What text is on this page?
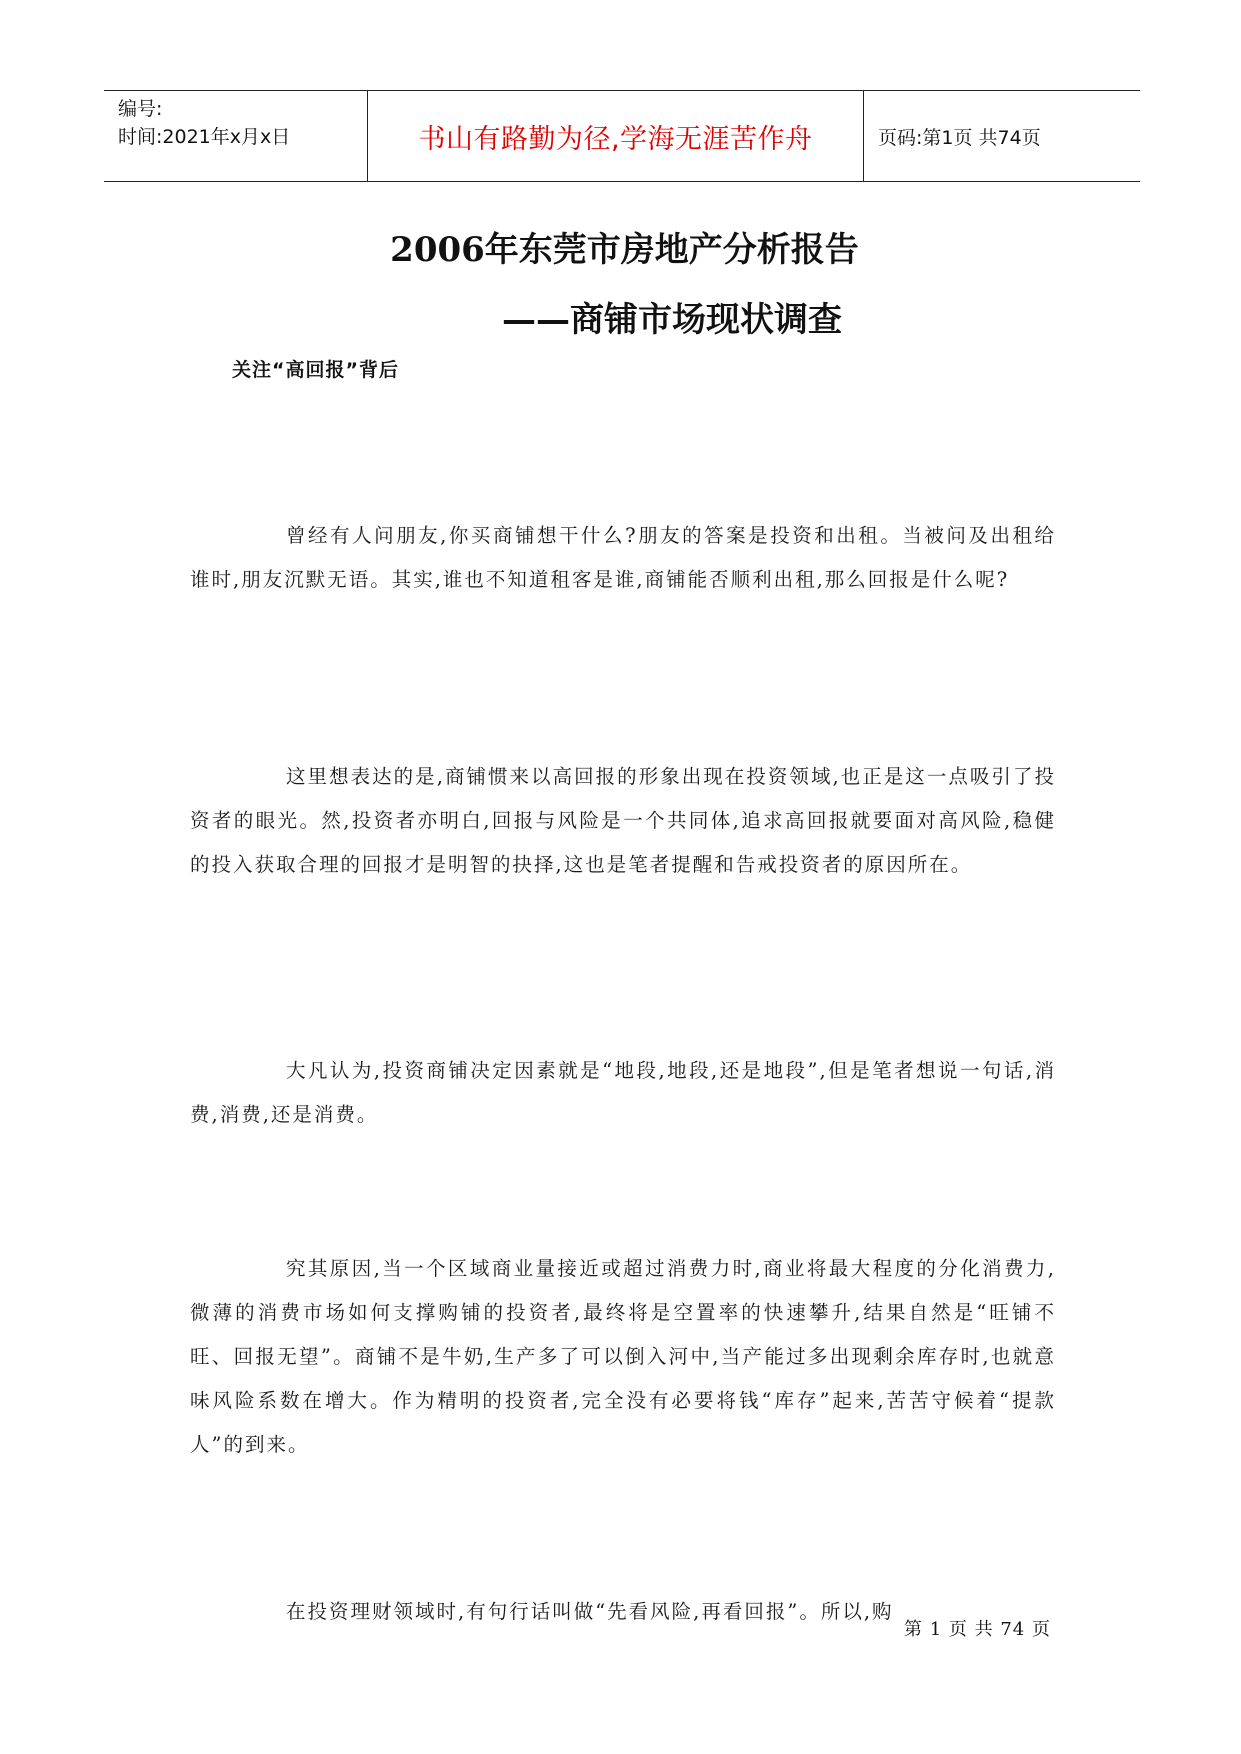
编号:
时间:2021年x月x日	书山有路勤为径,学海无涯苦作舟	页码:第1页 共74页
2006年东莞市房地产分析报告
——商铺市场现状调查
关注“高回报”背后

曾经有人问朋友,你买商铺想干什么?朋友的答案是投资和出租。当被问及出租给谁时,朋友沉默无语。其实,谁也不知道租客是谁,商铺能否顺利出租,那么回报是什么呢?

这里想表达的是,商铺惯来以高回报的形象出现在投资领域,也正是这一点吸引了投资者的眼光。然,投资者亦明白,回报与风险是一个共同体,追求高回报就要面对高风险,稳健的投入获取合理的回报才是明智的抉择,这也是笔者提醒和告戒投资者的原因所在。

大凡认为,投资商铺决定因素就是“地段,地段,还是地段”,但是笔者想说一句话,消费,消费,还是消费。

究其原因,当一个区域商业量接近或超过消费力时,商业将最大程度的分化消费力,微薄的消费市场如何支撑购铺的投资者,最终将是空置率的快速攀升,结果自然是“旺铺不旺、回报无望”。商铺不是牛奶,生产多了可以倒入河中,当产能过多出现剩余库存时,也就意味风险系数在增大。作为精明的投资者,完全没有必要将钱“库存”起来,苦苦守候着“提款人”的到来。

在投资理财领域时,有句行话叫做“先看风险,再看回报”。所以,购

第 1 页 共 74 页
